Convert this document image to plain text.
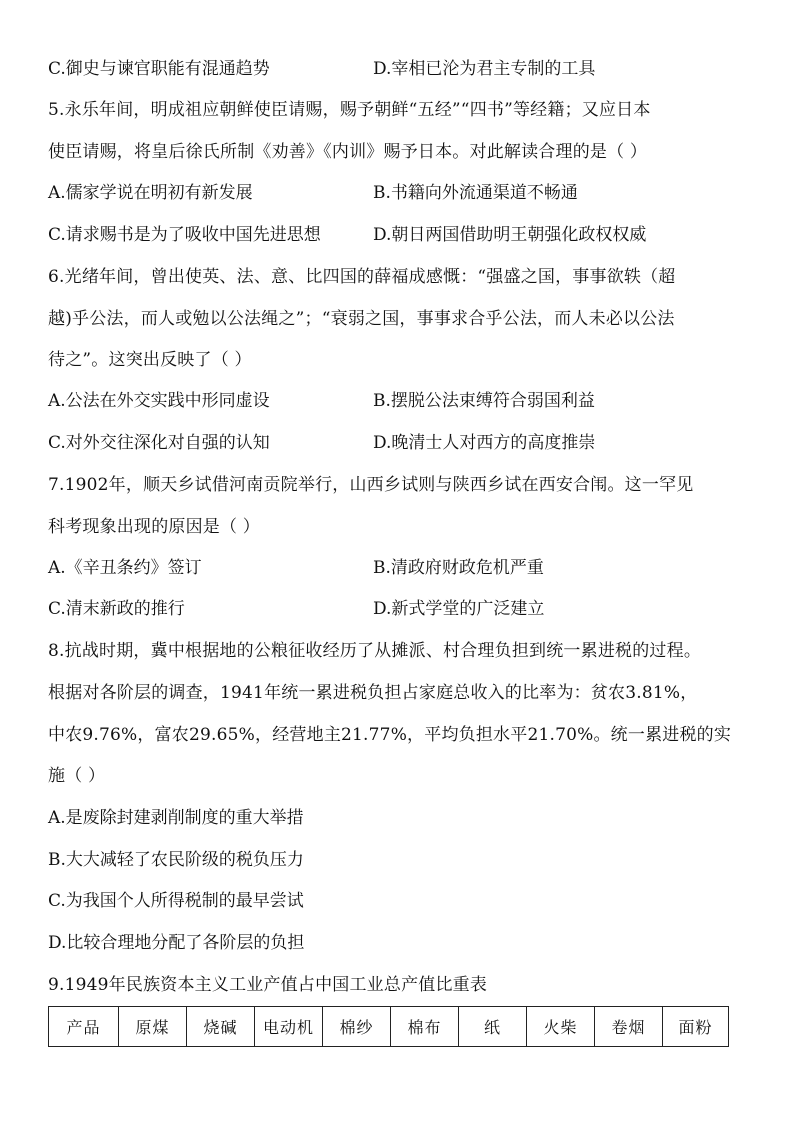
C.御史与谏官职能有混通趋势	D.宰相已沦为君主专制的工具
5.永乐年间，明成祖应朝鲜使臣请赐，赐予朝鲜“五经”“四书”等经籍；又应日本
使臣请赐，将皇后徐氏所制《劝善》《内训》赐予日本。对此解读合理的是（ ）
A.儒家学说在明初有新发展	B.书籍向外流通渠道不畅通
C.请求赐书是为了吸收中国先进思想	D.朝日两国借助明王朝强化政权权威
6.光绪年间，曾出使英、法、意、比四国的薛福成感慨：“强盛之国，事事欲轶（超
越)乎公法，而人或勉以公法绳之”；“衰弱之国，事事求合乎公法，而人未必以公法
待之”。这突出反映了（ ）
A.公法在外交实践中形同虚设	B.摆脱公法束缚符合弱国利益
C.对外交往深化对自强的认知	D.晚清士人对西方的高度推崇
7.1902年，顺天乡试借河南贡院举行，山西乡试则与陕西乡试在西安合闱。这一罕见
科考现象出现的原因是（ ）
A.《辛丑条约》签订	B.清政府财政危机严重
C.清末新政的推行	D.新式学堂的广泛建立
8.抗战时期，冀中根据地的公粮征收经历了从摊派、村合理负担到统一累进税的过程。
根据对各阶层的调查，1941年统一累进税负担占家庭总收入的比率为：贫农3.81%，
中农9.76%，富农29.65%，经营地主21.77%，平均负担水平21.70%。统一累进税的实
施（ ）
A.是废除封建剥削制度的重大举措
B.大大减轻了农民阶级的税负压力
C.为我国个人所得税制的最早尝试
D.比较合理地分配了各阶层的负担
9.1949年民族资本主义工业产值占中国工业总产值比重表
产品	原煤	烧碱	电动机	棉纱	棉布	纸	火柴	卷烟	面粉
